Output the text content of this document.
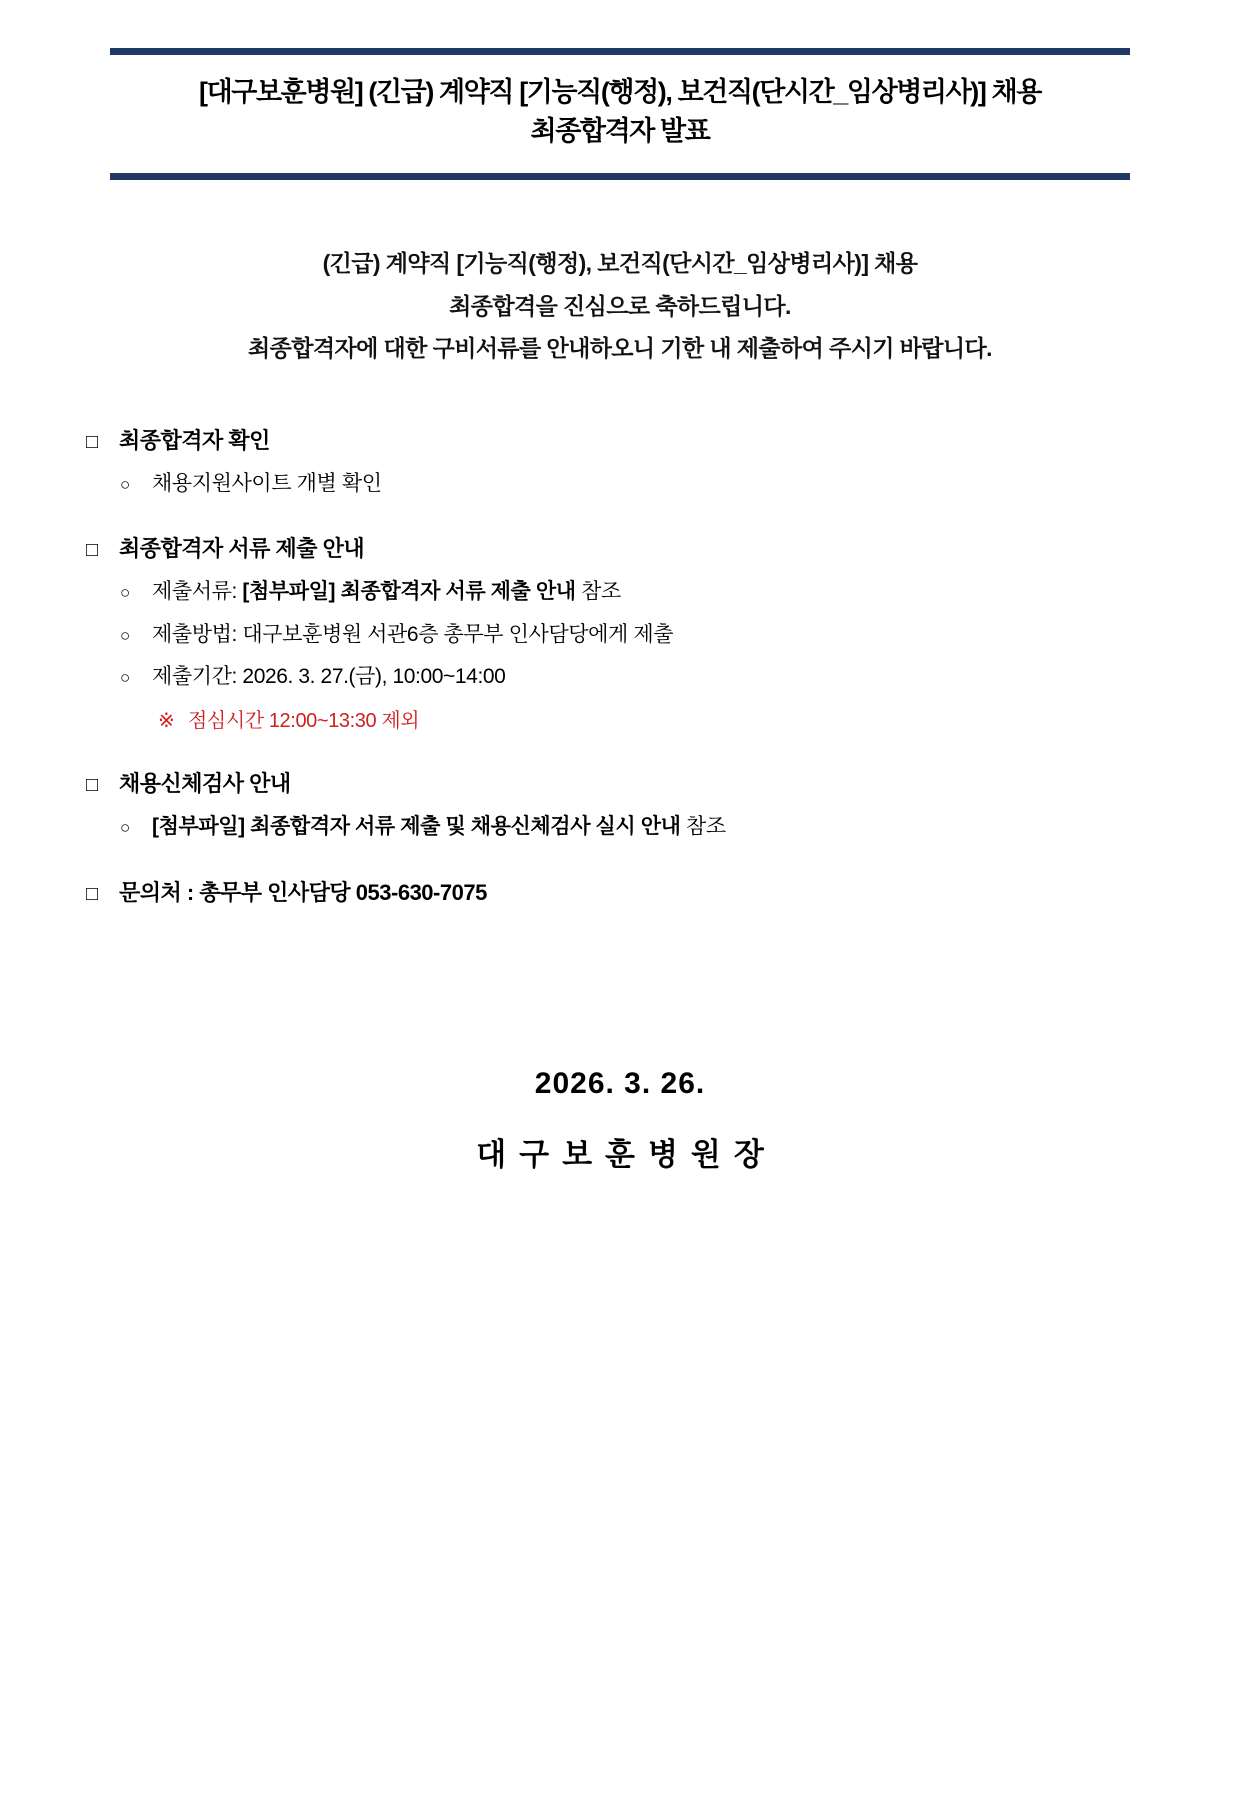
[대구보훈병원] (긴급) 계약직 [기능직(행정), 보건직(단시간_임상병리사)] 채용
최종합격자 발표
(긴급) 계약직 [기능직(행정), 보건직(단시간_임상병리사)] 채용
최종합격을 진심으로 축하드립니다.
최종합격자에 대한 구비서류를 안내하오니 기한 내 제출하여 주시기 바랍니다.
□ 최종합격자 확인
○	채용지원사이트 개별 확인
□ 최종합격자 서류 제출 안내
○	제출서류: [첨부파일] 최종합격자 서류 제출 안내 참조
○	제출방법: 대구보훈병원 서관6층 총무부 인사담당에게 제출
○	제출기간: 2026. 3. 27.(금), 10:00~14:00
※ 점심시간 12:00~13:30 제외
□ 채용신체검사 안내
○	[첨부파일] 최종합격자 서류 제출 및 채용신체검사 실시 안내 참조
□ 문의처 : 총무부 인사담당 053-630-7075
2026. 3. 26.
대구보훈병원장
